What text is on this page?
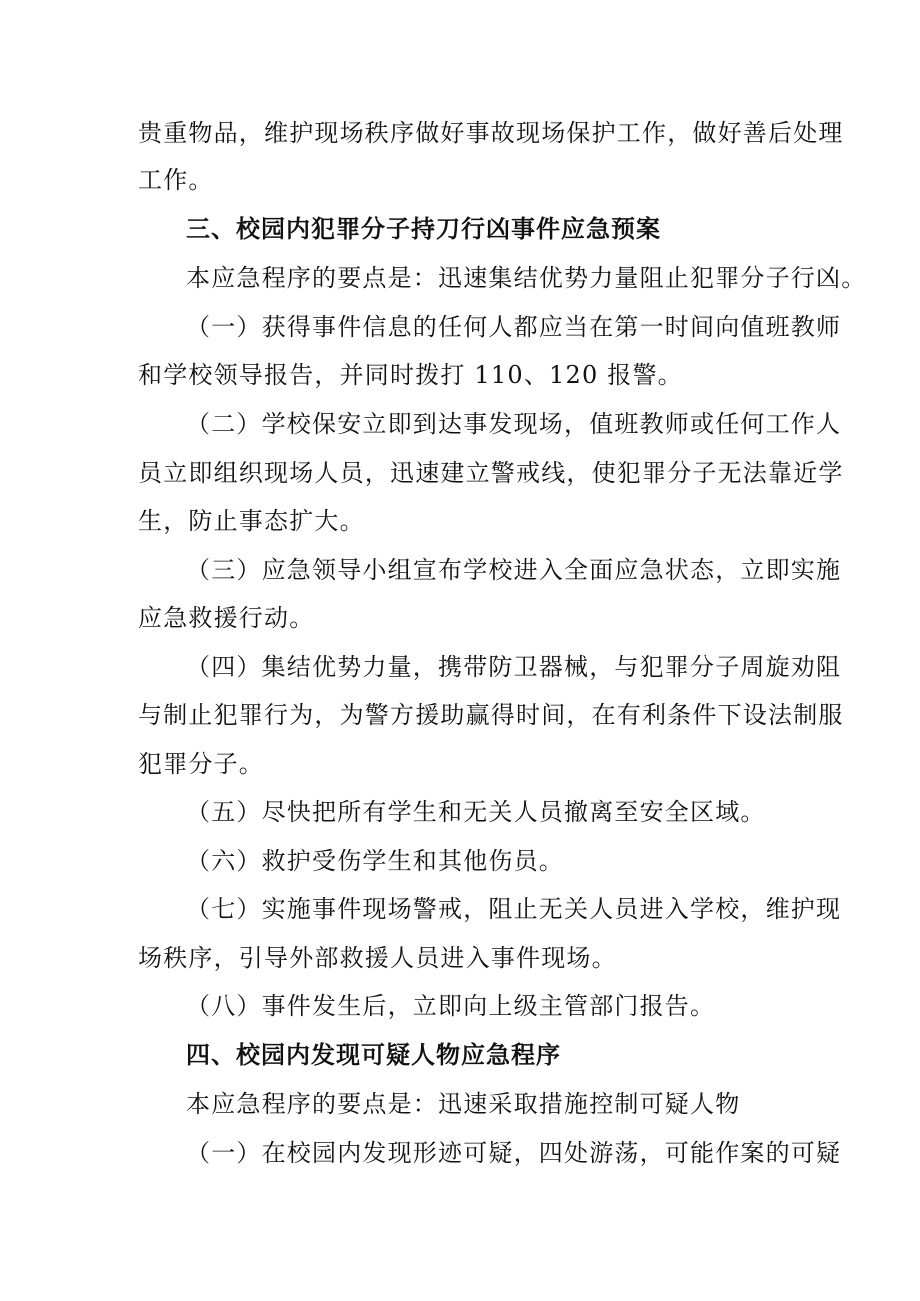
贵重物品，维护现场秩序做好事故现场保护工作，做好善后处理
工作。
三、校园内犯罪分子持刀行凶事件应急预案
本应急程序的要点是：迅速集结优势力量阻止犯罪分子行凶。
（一）获得事件信息的任何人都应当在第一时间向值班教师
和学校领导报告，并同时拨打 110、120 报警。
（二）学校保安立即到达事发现场，值班教师或任何工作人
员立即组织现场人员，迅速建立警戒线，使犯罪分子无法靠近学
生，防止事态扩大。
（三）应急领导小组宣布学校进入全面应急状态，立即实施
应急救援行动。
（四）集结优势力量，携带防卫器械，与犯罪分子周旋劝阻
与制止犯罪行为，为警方援助赢得时间，在有利条件下设法制服
犯罪分子。
（五）尽快把所有学生和无关人员撤离至安全区域。
（六）救护受伤学生和其他伤员。
（七）实施事件现场警戒，阻止无关人员进入学校，维护现
场秩序，引导外部救援人员进入事件现场。
（八）事件发生后，立即向上级主管部门报告。
四、校园内发现可疑人物应急程序
本应急程序的要点是：迅速采取措施控制可疑人物
（一）在校园内发现形迹可疑，四处游荡，可能作案的可疑
